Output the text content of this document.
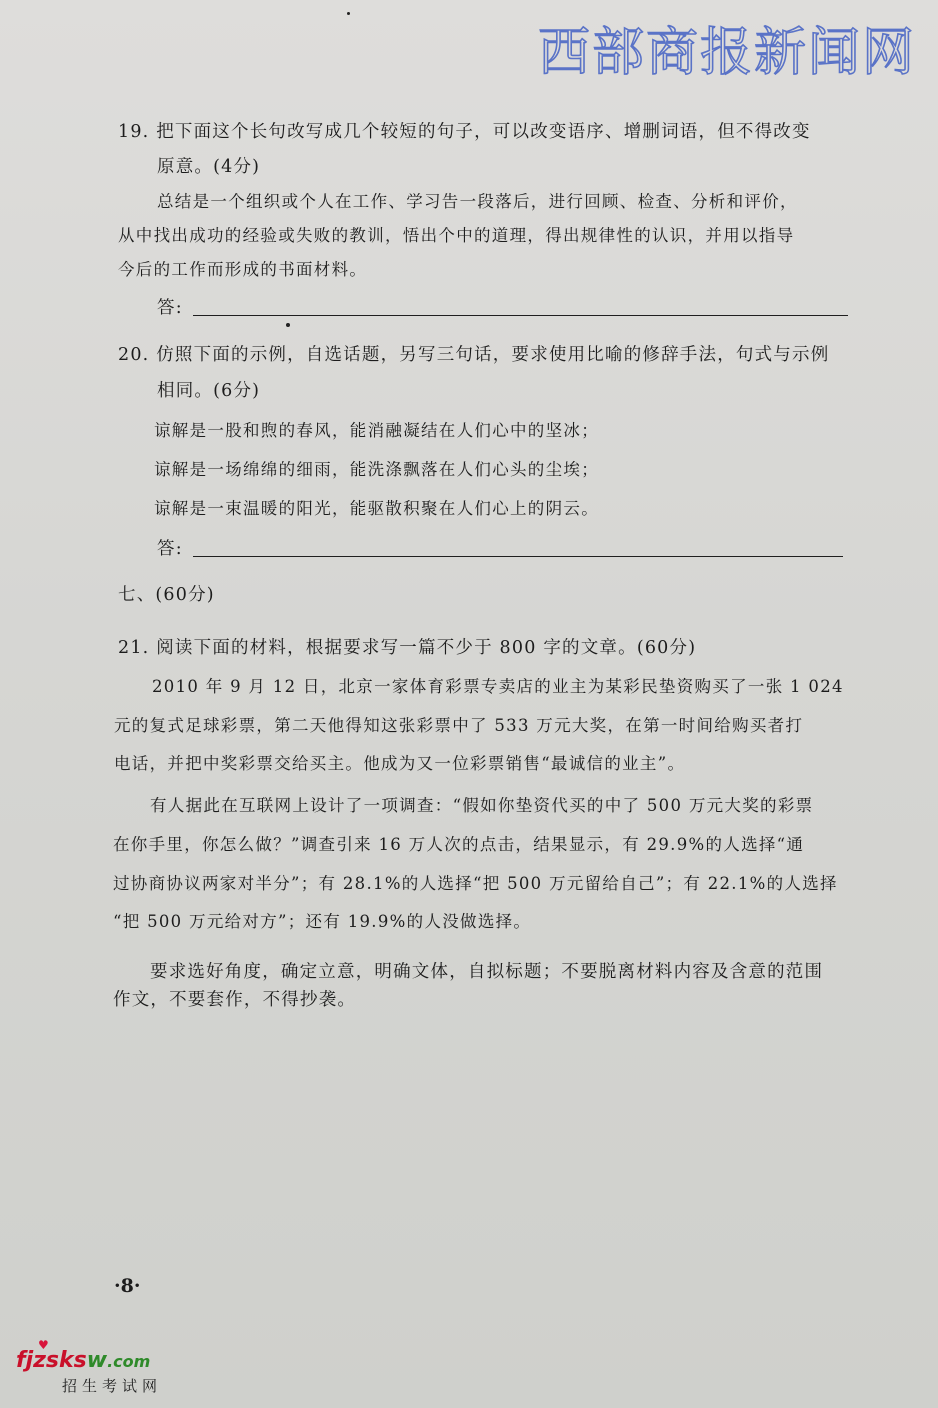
西部商报新闻网
19. 把下面这个长句改写成几个较短的句子，可以改变语序、增删词语，但不得改变
原意。(4分)
总结是一个组织或个人在工作、学习告一段落后，进行回顾、检查、分析和评价，
从中找出成功的经验或失败的教训，悟出个中的道理，得出规律性的认识，并用以指导
今后的工作而形成的书面材料。
答:
20. 仿照下面的示例，自选话题，另写三句话，要求使用比喻的修辞手法，句式与示例
相同。(6分)
谅解是一股和煦的春风，能消融凝结在人们心中的坚冰；
谅解是一场绵绵的细雨，能洗涤飘落在人们心头的尘埃；
谅解是一束温暖的阳光，能驱散积聚在人们心上的阴云。
答:
七、(60分)
21. 阅读下面的材料，根据要求写一篇不少于 800 字的文章。(60分)
2010 年 9 月 12 日，北京一家体育彩票专卖店的业主为某彩民垫资购买了一张 1 024
元的复式足球彩票，第二天他得知这张彩票中了 533 万元大奖，在第一时间给购买者打
电话，并把中奖彩票交给买主。他成为又一位彩票销售“最诚信的业主”。
有人据此在互联网上设计了一项调查：“假如你垫资代买的中了 500 万元大奖的彩票
在你手里，你怎么做？”调查引来 16 万人次的点击，结果显示，有 29.9%的人选择“通
过协商协议两家对半分”；有 28.1%的人选择“把 500 万元留给自己”；有 22.1%的人选择
“把 500 万元给对方”；还有 19.9%的人没做选择。
要求选好角度，确定立意，明确文体，自拟标题；不要脱离材料内容及含意的范围
作文，不要套作，不得抄袭。
·8·
♥
fjzsksw.com
招生考试网
